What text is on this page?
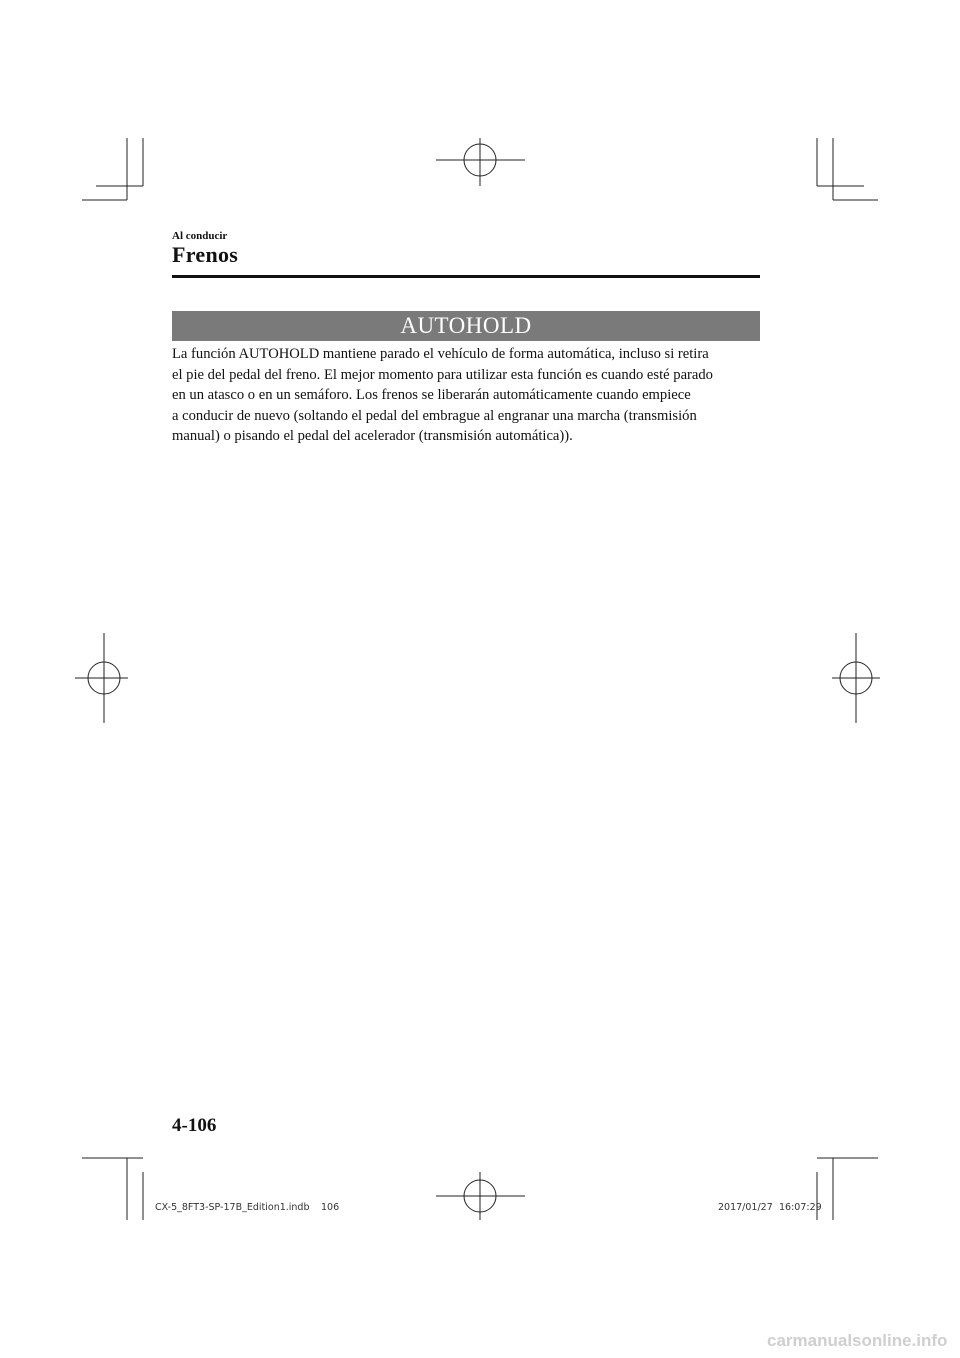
Al conducir
Frenos
AUTOHOLD
La función AUTOHOLD mantiene parado el vehículo de forma automática, incluso si retira
el pie del pedal del freno. El mejor momento para utilizar esta función es cuando esté parado
en un atasco o en un semáforo. Los frenos se liberarán automáticamente cuando empiece
a conducir de nuevo (soltando el pedal del embrague al engranar una marcha (transmisión
manual) o pisando el pedal del acelerador (transmisión automática)).
4-106
CX-5_8FT3-SP-17B_Edition1.indb 106	2017/01/27 16:07:29
carmanualsonline.info
